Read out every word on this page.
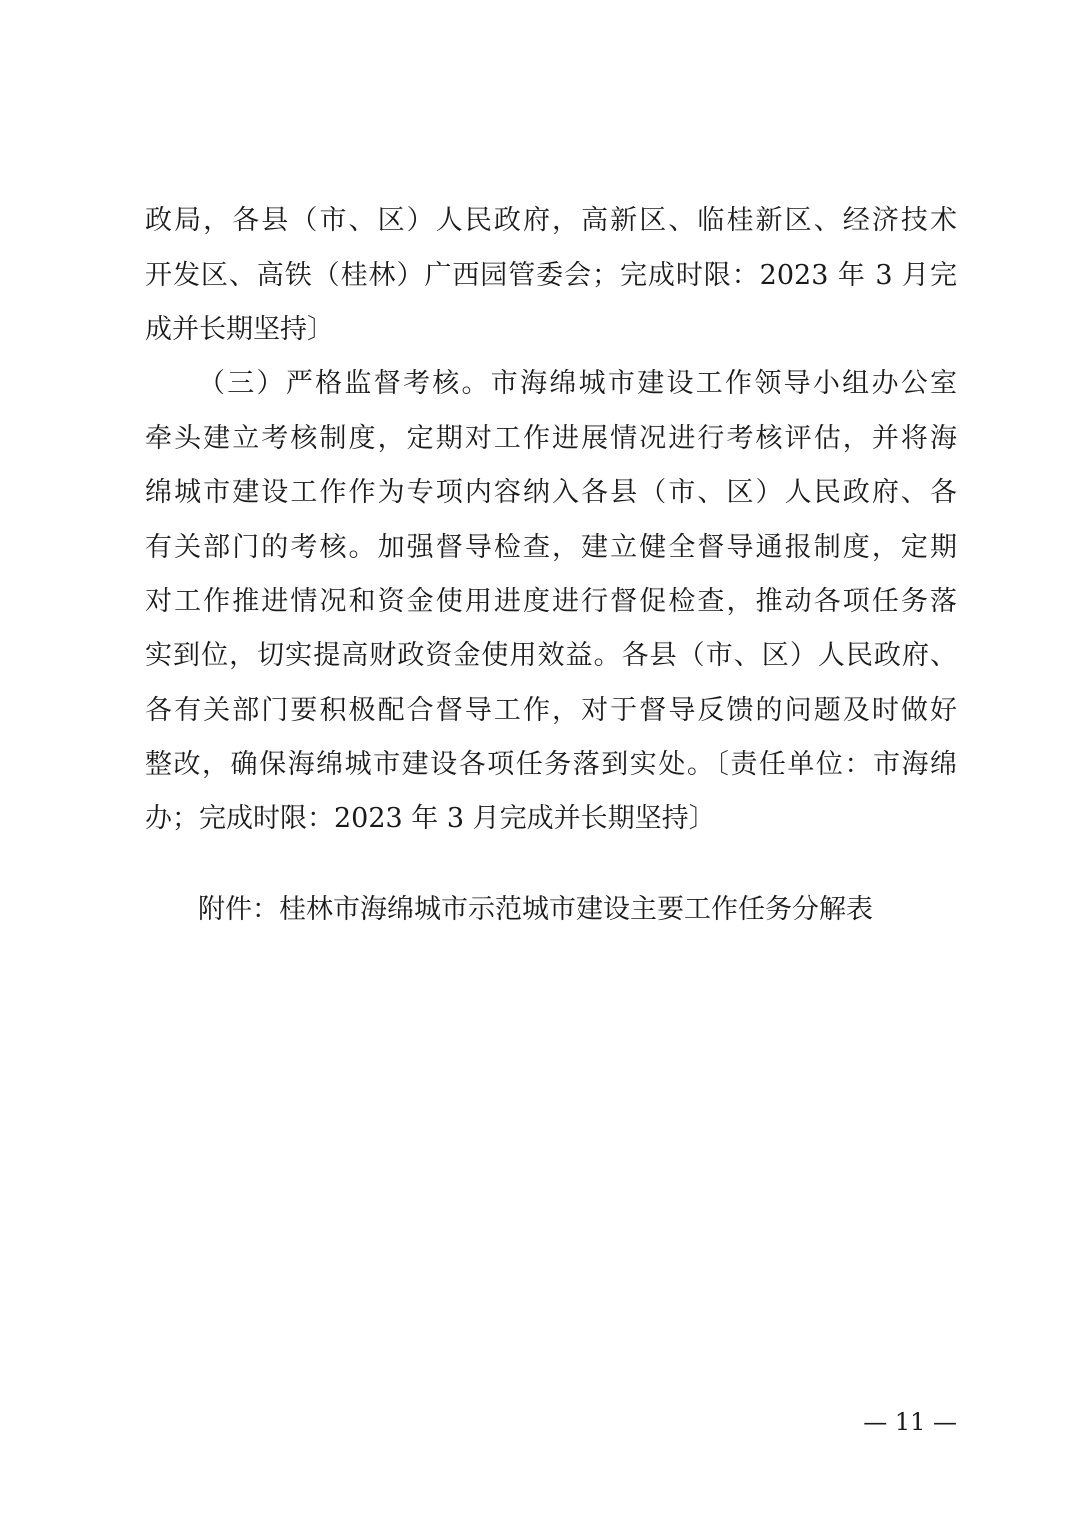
政局，各县（市、区）人民政府，高新区、临桂新区、经济技术
开发区、高铁（桂林）广西园管委会；完成时限：2023 年 3 月完
成并长期坚持〕
（三）严格监督考核。市海绵城市建设工作领导小组办公室
牵头建立考核制度，定期对工作进展情况进行考核评估，并将海
绵城市建设工作作为专项内容纳入各县（市、区）人民政府、各
有关部门的考核。加强督导检查，建立健全督导通报制度，定期
对工作推进情况和资金使用进度进行督促检查，推动各项任务落
实到位，切实提高财政资金使用效益。各县（市、区）人民政府、
各有关部门要积极配合督导工作，对于督导反馈的问题及时做好
整改，确保海绵城市建设各项任务落到实处。〔责任单位：市海绵
办；完成时限：2023 年 3 月完成并长期坚持〕
附件：桂林市海绵城市示范城市建设主要工作任务分解表
— 11 —
